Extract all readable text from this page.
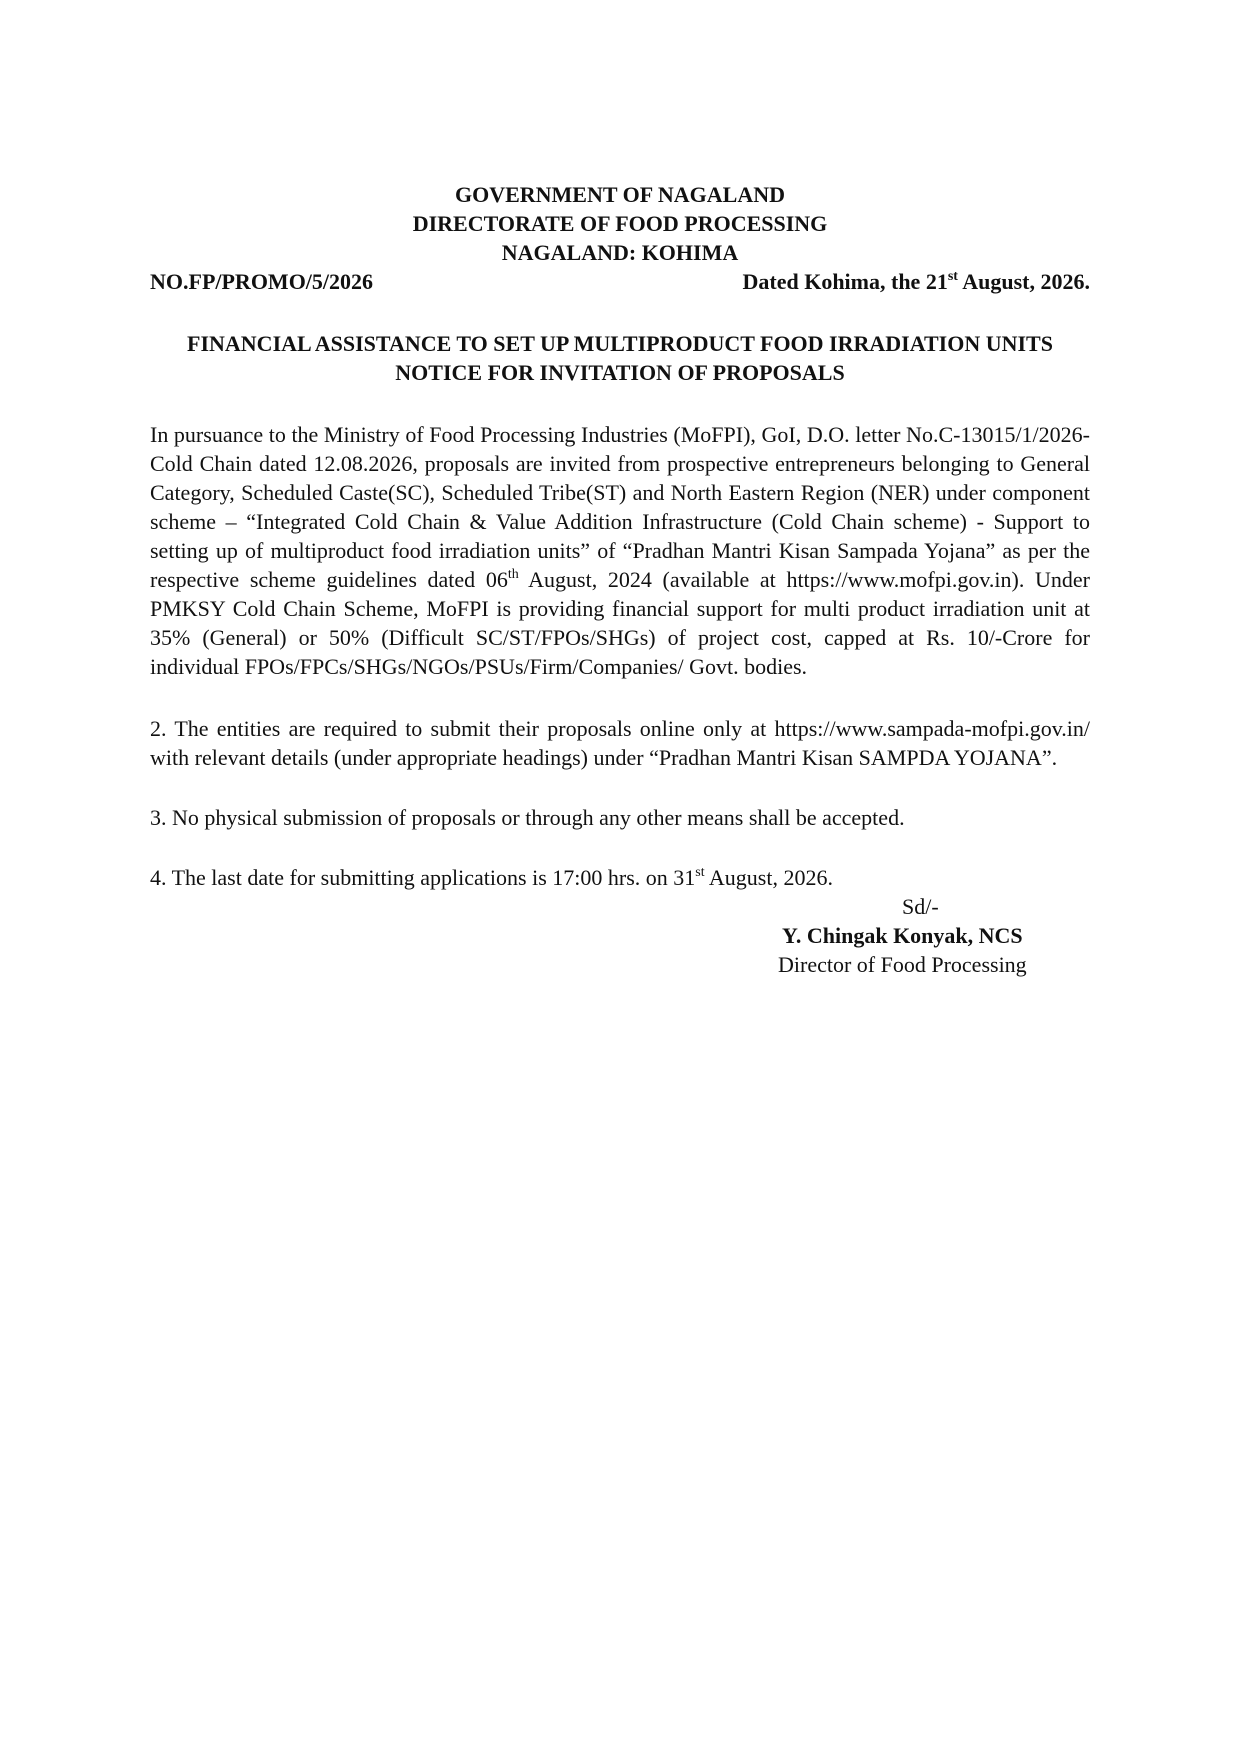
GOVERNMENT OF NAGALAND
DIRECTORATE OF FOOD PROCESSING
NAGALAND: KOHIMA
NO.FP/PROMO/5/2026	Dated Kohima, the 21st August, 2026.
FINANCIAL ASSISTANCE TO SET UP MULTIPRODUCT FOOD IRRADIATION UNITS
NOTICE FOR INVITATION OF PROPOSALS
In pursuance to the Ministry of Food Processing Industries (MoFPI), GoI, D.O. letter No.C-13015/1/2026-Cold Chain dated 12.08.2026, proposals are invited from prospective entrepreneurs belonging to General Category, Scheduled Caste(SC), Scheduled Tribe(ST) and North Eastern Region (NER) under component scheme – “Integrated Cold Chain & Value Addition Infrastructure (Cold Chain scheme) - Support to setting up of multiproduct food irradiation units” of “Pradhan Mantri Kisan Sampada Yojana” as per the respective scheme guidelines dated 06th August, 2024 (available at https://www.mofpi.gov.in). Under PMKSY Cold Chain Scheme, MoFPI is providing financial support for multi product irradiation unit at 35% (General) or 50% (Difficult SC/ST/FPOs/SHGs) of project cost, capped at Rs. 10/-Crore for individual FPOs/FPCs/SHGs/NGOs/PSUs/Firm/Companies/ Govt. bodies.
2. The entities are required to submit their proposals online only at https://www.sampada-mofpi.gov.in/ with relevant details (under appropriate headings) under “Pradhan Mantri Kisan SAMPDA YOJANA”.
3. No physical submission of proposals or through any other means shall be accepted.
4. The last date for submitting applications is 17:00 hrs. on 31st August, 2026.
Sd/-
Y. Chingak Konyak, NCS
Director of Food Processing
